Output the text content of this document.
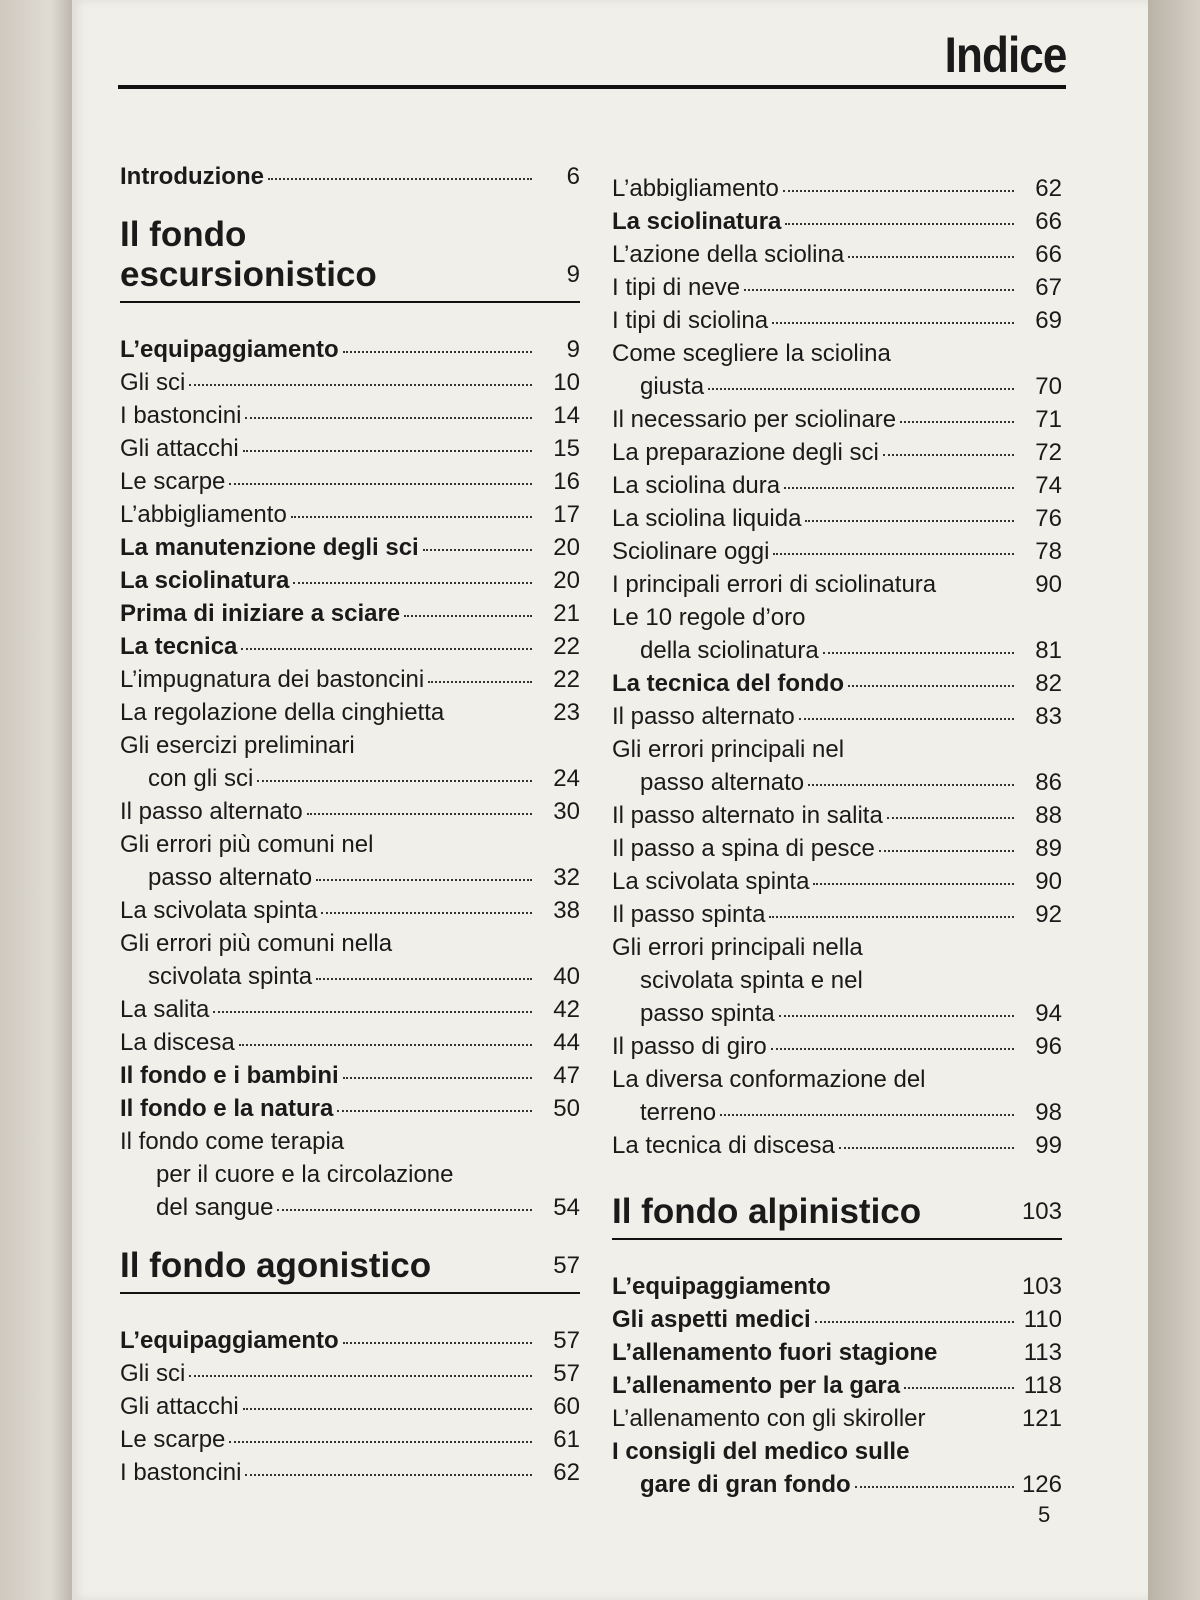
Indice
Introduzione	6
Il fondo
escursionistico	9
L’equipaggiamento	9
Gli sci	10
I bastoncini	14
Gli attacchi	15
Le scarpe	16
L’abbigliamento	17
La manutenzione degli sci	20
La sciolinatura	20
Prima di iniziare a sciare	21
La tecnica	22
L’impugnatura dei bastoncini	22
La regolazione della cinghietta	23
Gli esercizi preliminari
con gli sci	24
Il passo alternato	30
Gli errori più comuni nel
passo alternato	32
La scivolata spinta	38
Gli errori più comuni nella
scivolata spinta	40
La salita	42
La discesa	44
Il fondo e i bambini	47
Il fondo e la natura	50
Il fondo come terapia
per il cuore e la circolazione
del sangue	54
Il fondo agonistico	57
L’equipaggiamento	57
Gli sci	57
Gli attacchi	60
Le scarpe	61
I bastoncini	62
L’abbigliamento	62
La sciolinatura	66
L’azione della sciolina	66
I tipi di neve	67
I tipi di sciolina	69
Come scegliere la sciolina
giusta	70
Il necessario per sciolinare	71
La preparazione degli sci	72
La sciolina dura	74
La sciolina liquida	76
Sciolinare oggi	78
I principali errori di sciolinatura	90
Le 10 regole d’oro
della sciolinatura	81
La tecnica del fondo	82
Il passo alternato	83
Gli errori principali nel
passo alternato	86
Il passo alternato in salita	88
Il passo a spina di pesce	89
La scivolata spinta	90
Il passo spinta	92
Gli errori principali nella
scivolata spinta e nel
passo spinta	94
Il passo di giro	96
La diversa conformazione del
terreno	98
La tecnica di discesa	99
Il fondo alpinistico	103
L’equipaggiamento	103
Gli aspetti medici	110
L’allenamento fuori stagione	113
L’allenamento per la gara	118
L’allenamento con gli skiroller	121
I consigli del medico sulle
gare di gran fondo	126
5
